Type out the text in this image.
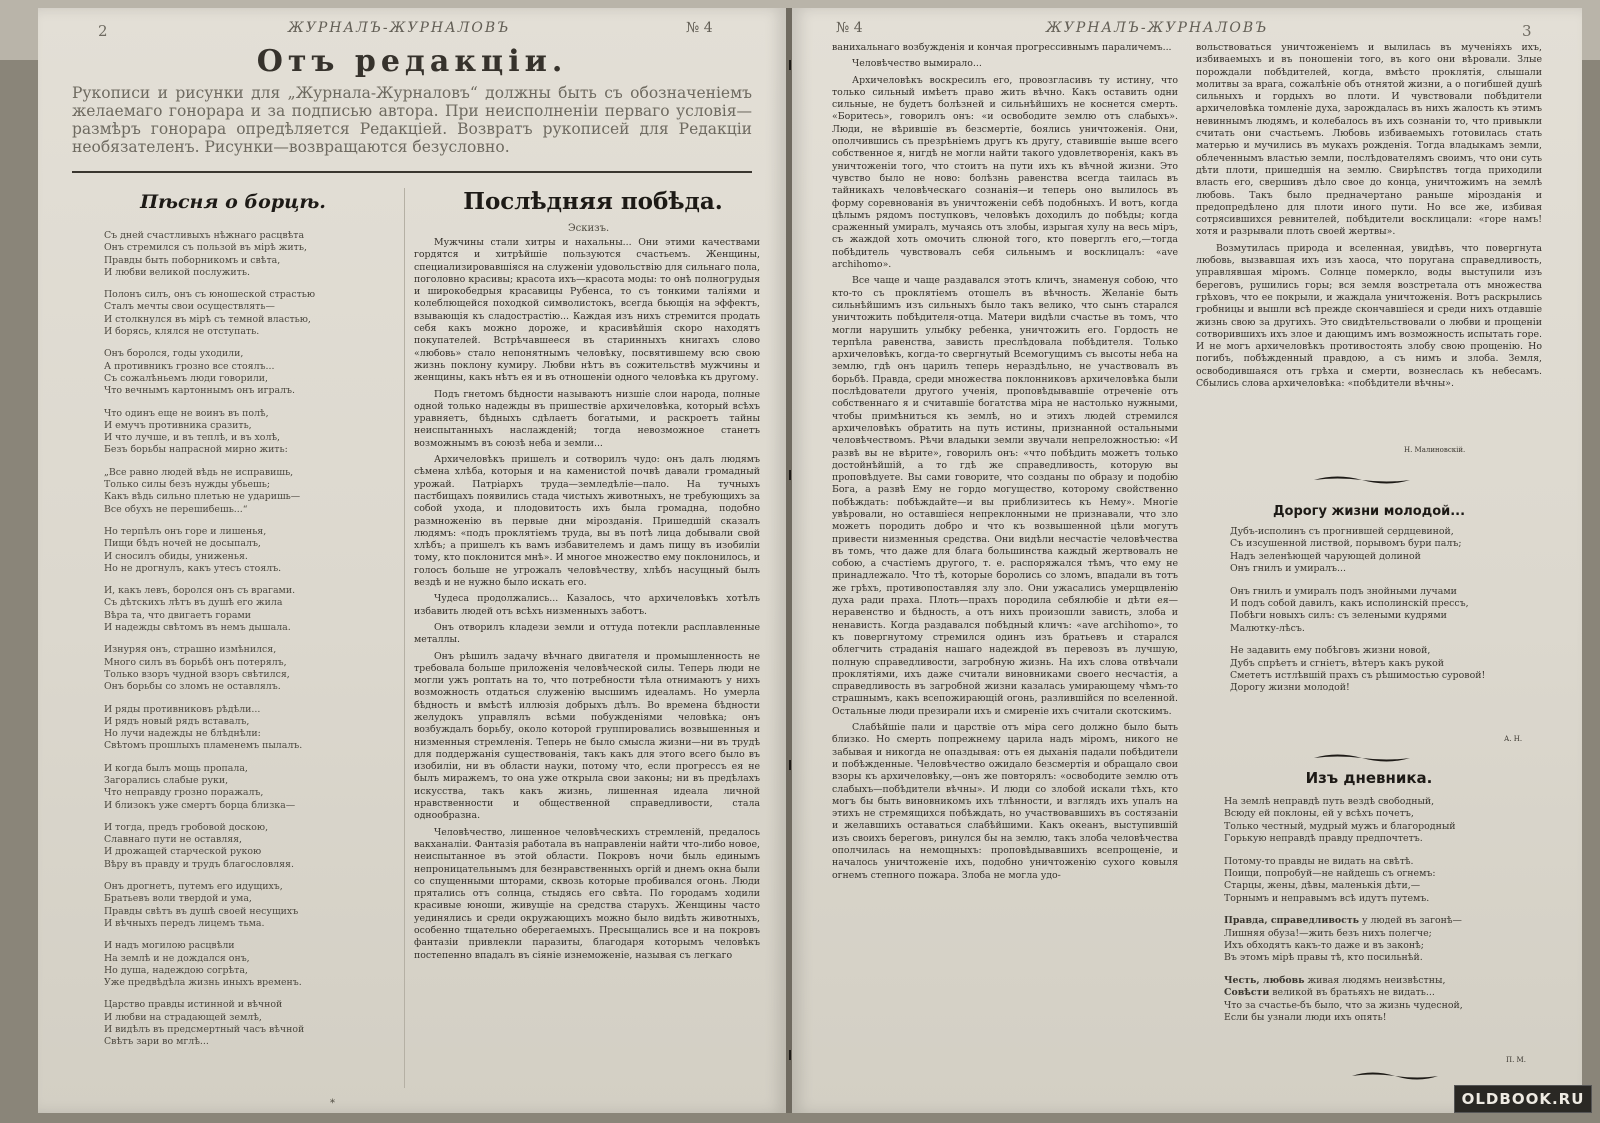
2	ЖУРНАЛЪ-ЖУРНАЛОВЪ	№ 4
Отъ редакціи.
Рукописи и рисунки для „Журнала-Журналовъ“ должны быть съ обозначеніемъ желаемаго гонорара и за подписью автора. При неисполненіи перваго условія—размѣръ гонорара опредѣляется Редакціей. Возвратъ рукописей для Редакціи необязателенъ. Рисунки—возвращаются безусловно.
Пѣсня о борцѣ.
Съ дней счастливыхъ нѣжнаго расцвѣта
Онъ стремился съ пользой въ мірѣ жить,
Правды быть поборникомъ и свѣта,
И любви великой послужить.
Полонъ силъ, онъ съ юношеской страстью
Сталъ мечты свои осуществлять—
И столкнулся въ мірѣ съ темной властью,
И борясь, клялся не отступать.
Онъ боролся, годы уходили,
А противникъ грозно все стоялъ...
Съ сожалѣньемъ люди говорили,
Что вечнымъ картоннымъ онъ игралъ.
Что одинъ еще не воинъ въ полѣ,
И емучъ противника сразить,
И что лучше, и въ теплѣ, и въ холѣ,
Безъ борьбы напрасной мирно жить:
„Все равно людей вѣдь не исправишь,
Только силы безъ нужды убьешь;
Какъ вѣдь сильно плетью не ударишь—
Все обухъ не перешибешь...“
Но терпѣлъ онъ горе и лишенья,
Пищи бѣдъ ночей не досыпалъ,
И сносилъ обиды, униженья.
Но не дрогнулъ, какъ утесъ стоялъ.
И, какъ левъ, боролся онъ съ врагами.
Съ дѣтскихъ лѣтъ въ душѣ его жила
Вѣра та, что двигаетъ горами
И надежды свѣтомъ въ немъ дышала.
Изнуряя онъ, страшно измѣнился,
Много силъ въ борьбѣ онъ потерялъ,
Только взоръ чудной взоръ свѣтился,
Онъ борьбы со зломъ не оставлялъ.
И ряды противниковъ рѣдѣли...
И рядъ новый рядъ вставалъ,
Но лучи надежды не блѣднѣли:
Свѣтомъ прошлыхъ пламенемъ пылалъ.
И когда былъ мощь пропала,
Загорались слабые руки,
Что неправду грозно поражалъ,
И близокъ уже смертъ борца близка—
И тогда, предъ гробовой доскою,
Славнаго пути не оставляя,
И дрожащей старческой рукою
Вѣру въ правду и трудъ благословляя.
Онъ дрогнетъ, путемъ его идущихъ,
Братьевъ воли твердой и ума,
Правды свѣтъ въ душѣ своей несущихъ
И вѣчныхъ передъ лицемъ тьма.
И надъ могилою расцвѣли
На землѣ и не дождался онъ,
Но душа, надеждою согрѣта,
Уже предвѣдѣла жизнь иныхъ временъ.
Царство правды истинной и вѣчной
И любви на страдающей землѣ,
И видѣлъ въ предсмертный часъ вѣчной
Свѣтъ зари во мглѣ...
Послѣдняя побѣда.
Эскизъ.

Мужчины стали хитры и нахальны... Они этими качествами гордятся и хитрѣйшіе пользуются счастьемъ. Женщины, специализировавшіяся на служеніи удовольствію для сильнаго пола, поголовно красивы; красота ихъ—красота моды: то онѣ полногрудыя и широкобедрыя красавицы Рубенса, то съ тонкими таліями и колеблющейся походкой символистокъ, всегда бьющія на эффектъ, взывающія къ сладострастію... Каждая изъ нихъ стремится продать себя какъ можно дороже, и красивѣйшія скоро находятъ покупателей. Встрѣчавшееся въ старинныхъ книгахъ слово «любовь» стало непонятнымъ человѣку, посвятившему всю свою жизнь поклону кумиру. Любви нѣтъ въ сожительствѣ мужчины и женщины, какъ нѣтъ ея и въ отношеніи одного человѣка къ другому.

Подъ гнетомъ бѣдности называютъ низшіе слои народа, полные одной только надежды въ пришествіе архичеловѣка, который всѣхъ уравняетъ, бѣдныхъ сдѣлаетъ богатыми, и раскроетъ тайны неиспытанныхъ наслажденій; тогда невозможное станетъ возможнымъ въ союзѣ неба и земли...

Архичеловѣкъ пришелъ и сотворилъ чудо: онъ далъ людямъ сѣмена хлѣба, которыя и на каменистой почвѣ давали громадный урожай. Патріархъ труда—земледѣліе—пало. На тучныхъ пастбищахъ появились стада чистыхъ животныхъ, не требующихъ за собой ухода, и плодовитость ихъ была громадна, подобно размноженію въ первые дни мірозданія. Пришедшій сказалъ людямъ: «подъ проклятіемъ труда, вы въ потѣ лица добывали свой хлѣбъ; а пришелъ къ вамъ избавителемъ и дамъ пищу въ изобиліи тому, кто поклонится мнѣ». И многое множество ему поклонилось, и голосъ больше не угрожалъ человѣчеству, хлѣбъ насущный былъ вездѣ и не нужно было искать его.

Чудеса продолжались... Казалось, что архичеловѣкъ хотѣлъ избавить людей отъ всѣхъ низменныхъ заботъ.

Онъ отворилъ кладези земли и оттуда потекли расплавленные металлы.

Онъ рѣшилъ задачу вѣчнаго двигателя и промышленность не требовала больше приложенія человѣческой силы. Теперь люди не могли ужъ роптать на то, что потребности тѣла отнимаютъ у нихъ возможность отдаться служенію высшимъ идеаламъ. Но умерла бѣдность и вмѣстѣ иллюзія добрыхъ дѣлъ. Во времена бѣдности желудокъ управлялъ всѣми побужденіями человѣка; онъ возбуждалъ борьбу, около которой группировались возвышенныя и низменныя стремленія. Теперь не было смысла жизни—ни въ трудѣ для поддержанія существованія, такъ какъ для этого всего было въ изобиліи, ни въ области науки, потому что, если прогрессъ ея не былъ миражемъ, то она уже открыла свои законы; ни въ предѣлахъ искусства, такъ какъ жизнь, лишенная идеала личной нравственности и общественной справедливости, стала однообразна.

Человѣчество, лишенное человѣческихъ стремленій, предалось вакханаліи. Фантазія работала въ направленіи найти что-либо новое, неиспытанное въ этой области. Покровъ ночи быль единымъ непроницательнымъ для безнравственныхъ оргій и днемъ окна были со спущенными шторами, сквозь которые пробивался огонь. Люди прятались отъ солнца, стыдясь его свѣта. По городамъ ходили красивые юноши, живущіе на средства старухъ. Женщины часто уединялись и среди окружающихъ можно было видѣть животныхъ, особенно тщательно оберегаемыхъ. Пресыщались все и на покровъ фантазіи привлекли паразиты, благодаря которымъ человѣкъ постепенно впадалъ въ сіяніе изнеможеніе, называя съ легкаго

*
№ 4	ЖУРНАЛЪ-ЖУРНАЛОВЪ	3

ванихальнаго возбужденія и кончая прогрессивнымъ параличемъ...

Человѣчество вымирало...

Архичеловѣкъ воскресилъ его, провозгласивъ ту истину, что только сильный имѣетъ право жить вѣчно. Какъ оставить одни сильные, не будетъ болѣзней и сильнѣйшихъ не коснется смерть. «Боритесь», говорилъ онъ: «и освободите землю отъ слабыхъ». Люди, не вѣрившіе въ безсмертіе, боялись уничтоженія. Они, ополчившись съ презрѣніемъ другъ къ другу, ставившіе выше всего собственное я, нигдѣ не могли найти такого удовлетворенія, какъ въ уничтоженіи того, что стоитъ на пути ихъ къ вѣчной жизни. Это чувство было не ново: болѣзнь равенства всегда таилась въ тайникахъ человѣческаго сознанія—и теперь оно вылилось въ форму соревнованія въ уничтоженіи себѣ подобныхъ. И вотъ, когда цѣлымъ рядомъ поступковъ, человѣкъ доходилъ до побѣды; когда сраженный умиралъ, мучаясь отъ злобы, изрыгая хулу на весь міръ, съ жаждой хоть омочить слюной того, кто поверглъ его,—тогда побѣдитель чувствовалъ себя сильнымъ и восклицалъ: «ave archihomo».

Все чаще и чаще раздавался этотъ кличъ, знаменуя собою, что кто-то съ проклятіемъ отошелъ въ вѣчность. Желаніе быть сильнѣйшимъ изъ сильныхъ было такъ велико, что сынъ старался уничтожить побѣдителя-отца. Матери видѣли счастье въ томъ, что могли нарушить улыбку ребенка, уничтожить его. Гордость не терпѣла равенства, зависть преслѣдовала побѣдителя. Только архичеловѣкъ, когда-то свергнутый Всемогущимъ съ высоты неба на землю, гдѣ онъ царилъ теперь нераздѣльно, не участвовалъ въ борьбѣ. Правда, среди множества поклонниковъ архичеловѣка были послѣдователи другого ученія, проповѣдывавшіе отреченіе отъ собственнаго я и считавшіе богатства міра не настолько нужными, чтобы примѣниться къ землѣ, но и этихъ людей стремился архичеловѣкъ обратить на путь истины, признанной остальными человѣчествомъ. Рѣчи владыки земли звучали непреложностью: «И развѣ вы не вѣрите», говорилъ онъ: «что побѣдить можетъ только достойнѣйшій, а то гдѣ же справедливость, которую вы проповѣдуете. Вы сами говорите, что созданы по образу и подобію Бога, а развѣ Ему не гордо могущество, которому свойственно побѣждать: побѣждайте—и вы приблизитесь къ Нему». Многіе увѣровали, но оставшіеся непреклонными не признавали, что зло можетъ породить добро и что къ возвышенной цѣли могутъ привести низменныя средства. Они видѣли несчастіе человѣчества въ томъ, что даже для блага большинства каждый жертвовалъ не собою, а счастіемъ другого, т. е. распоряжался тѣмъ, что ему не принадлежало. Что тѣ, которые боролись со зломъ, впадали въ тотъ же грѣхъ, противопоставляя злу зло. Они ужасались умерщвленію духа ради праха. Плоть—прахъ породила себялюбіе и дѣти ея—неравенство и бѣдность, а отъ нихъ произошли зависть, злоба и ненависть. Когда раздавался побѣдный кличъ: «ave archihomo», то къ повергнутому стремился одинъ изъ братьевъ и старался облегчить страданія нашаго надеждой въ перевозъ въ лучшую, полную справедливости, загробную жизнь. На ихъ слова отвѣчали проклятіями, ихъ даже считали виновниками своего несчастія, а справедливость въ загробной жизни казалась умирающему чѣмъ-то страшнымъ, какъ всепожирающій огонь, разлившійся по вселенной. Остальные люди презирали ихъ и смиреніе ихъ считали скотскимъ.

Слабѣйшіе пали и царствіе отъ міра сего должно было быть близко. Но смерть попрежнему царила надъ міромъ, никого не забывая и никогда не опаздывая: отъ ея дыханія падали побѣдители и побѣжденные. Человѣчество ожидало безсмертія и обращало свои взоры къ архичеловѣку,—онъ же повторялъ: «освободите землю отъ слабыхъ—побѣдители вѣчны». И люди со злобой искали тѣхъ, кто могъ бы быть виновникомъ ихъ тлѣнности, и взглядъ ихъ упалъ на этихъ не стремящихся побѣждать, но участвовавшихъ въ состязаніи и желавшихъ оставаться слабѣйшими. Какъ океанъ, выступившій изъ своихъ береговъ, ринулся бы на землю, такъ злоба человѣчества ополчилась на немощныхъ: проповѣдывавшихъ всепрощеніе, и началось уничтоженіе ихъ, подобно уничтоженію сухого ковыля огнемъ степного пожара. Злоба не могла удо-

вольствоваться уничтоженіемъ и вылилась въ мученіяхъ ихъ, избиваемыхъ и въ поношеніи того, въ кого они вѣровали. Злые порождали побѣдителей, когда, вмѣсто проклятія, слышали молитвы за врага, сожалѣніе объ отнятой жизни, а о погибшей душѣ сильныхъ и гордыхъ во плоти. И чувствовали побѣдители архичеловѣка томленіе духа, зарождалась въ нихъ жалость къ этимъ невиннымъ людямъ, и колебалось въ ихъ сознаніи то, что привыкли считать они счастьемъ. Любовь избиваемыхъ готовилась стать матерью и мучились въ мукахъ рожденія. Тогда владыкамъ земли, облеченнымъ властью земли, послѣдователямъ своимъ, что они суть дѣти плоти, пришедшія на землю. Свирѣпствъ тогда приходили власть его, свершивъ дѣло свое до конца, уничтожимъ на землѣ любовь. Такъ было предначертано раньше мірозданія и предопредѣлено для плоти иного пути. Но все же, избивая сотрясившихся ревнителей, побѣдители восклицали: «горе намъ! хотя и разрывали плоть своей жертвы».

Возмутилась природа и вселенная, увидѣвъ, что повергнута любовь, вызвавшая ихъ изъ хаоса, что поругана справедливость, управлявшая міромъ. Солнце померкло, воды выступили изъ береговъ, рушились горы; вся земля возстретала отъ множества грѣховъ, что ее покрыли, и жаждала уничтоженія. Вотъ раскрылись гробницы и вышли всѣ прежде скончавшіеся и среди нихъ отдавшіе жизнь свою за другихъ. Это свидѣтельствовали о любви и прощеніи сотворившихъ ихъ злое и дающимъ имъ возможность испытать горе. И не могъ архичеловѣкъ противостоять злобу свою прощенію. Но погибъ, побѣжденный правдою, а съ нимъ и злоба. Земля, освободившаяся отъ грѣха и смерти, вознеслась къ небесамъ. Сбылись слова архичеловѣка: «побѣдители вѣчны».

Н. Малиновскій.
Дорогу жизни молодой...
Дубъ-исполинъ съ прогнившей сердцевиной,
Съ изсушенной листвой, порывомъ бури палъ;
Надъ зеленѣющей чарующей долиной
Онъ гнилъ и умиралъ...
Онъ гнилъ и умиралъ подъ знойными лучами
И подъ собой давилъ, какъ исполинскій прессъ,
Побѣги новыхъ силъ: съ зелеными кудрями
Малютку-лѣсъ.
Не задавить ему побѣговъ жизни новой,
Дубъ спрѣетъ и сгніетъ, вѣтеръ какъ рукой
Смететъ истлѣвшій прахъ съ рѣшимостью суровой!
Дорогу жизни молодой!
А. Н.
Изъ дневника.
На землѣ неправдѣ путь вездѣ свободный,
Всюду ей поклоны, ей у всѣхъ почетъ,
Только честный, мудрый мужъ и благородный
Горькую неправдѣ правду предпочтетъ.
Потому-то правды не видать на свѣтѣ.
Поищи, попробуй—не найдешь съ огнемъ:
Старцы, жены, дѣвы, маленькія дѣти,—
Торнымъ и неправымъ всѣ идутъ путемъ.
Правда, справедливость у людей въ загонѣ—
Лишняя обуза!—жить безъ нихъ полегче;
Ихъ обходятъ какъ-то даже и въ законѣ;
Въ этомъ мірѣ правы тѣ, кто посильнѣй.
Честь, любовь живая людямъ неизвѣстны,
Совѣсти великой въ братьяхъ не видать...
Что за счастье-бъ было, что за жизнь чудесной,
Если бы узнали люди ихъ опять!
П. М.
OLDBOOK.RU
